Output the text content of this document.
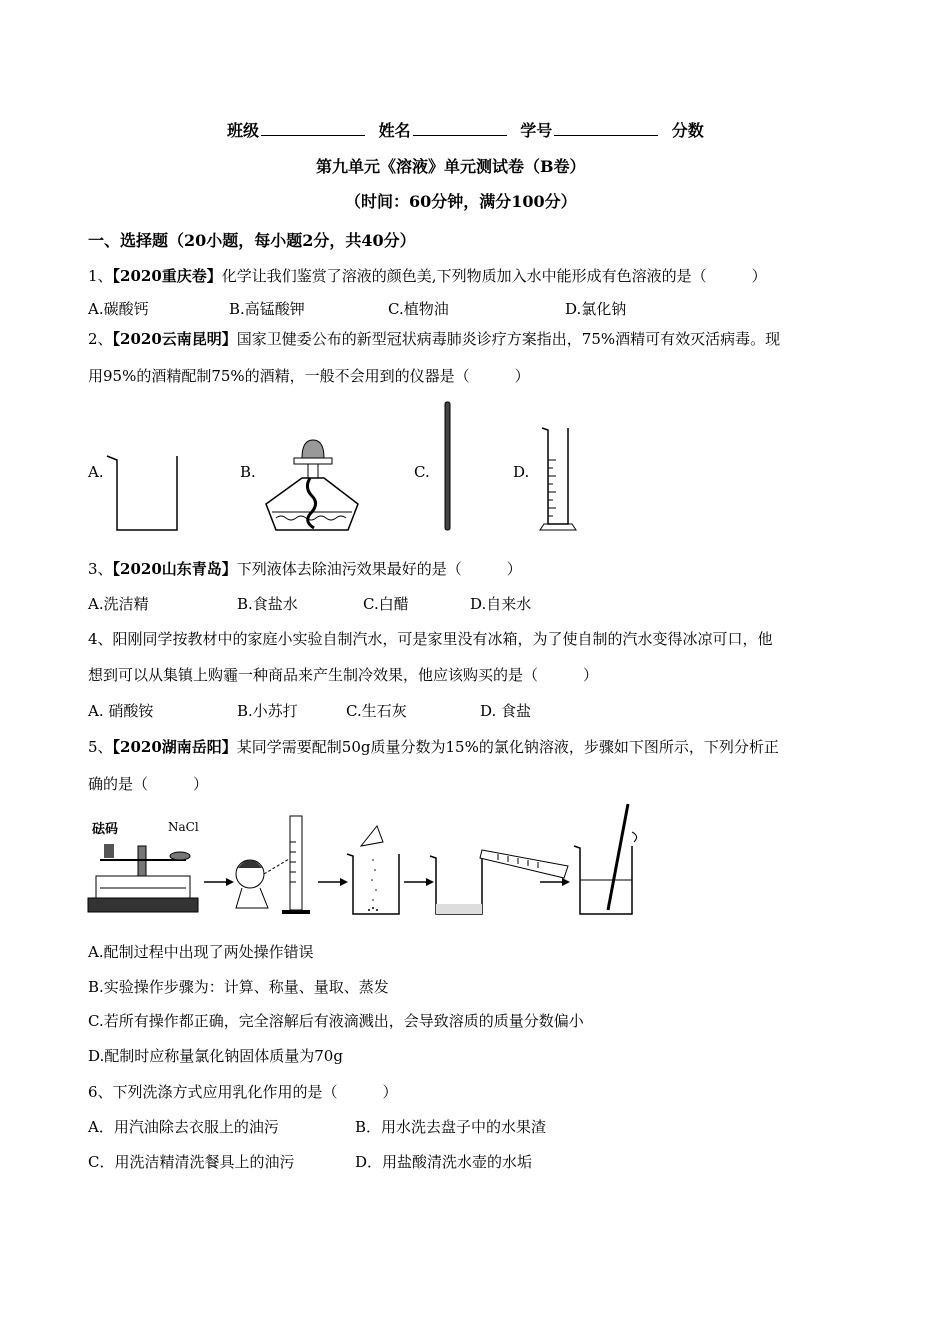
班级	姓名	学号	分数
第九单元《溶液》单元测试卷（B卷）
（时间：60分钟，满分100分）
一、选择题（20小题，每小题2分，共40分）
1、【2020重庆卷】化学让我们鉴赏了溶液的颜色美,下列物质加入水中能形成有色溶液的是（　　　）
A.碳酸钙	B.高锰酸钾	C.植物油	D.氯化钠
2、【2020云南昆明】国家卫健委公布的新型冠状病毒肺炎诊疗方案指出，75%酒精可有效灭活病毒。现
用95%的酒精配制75%的酒精，一般不会用到的仪器是（　　　）
A.	B.	C.	D.
3、【2020山东青岛】下列液体去除油污效果最好的是（　　　）
A.洗洁精	B.食盐水	C.白醋	D.自来水
4、阳刚同学按教材中的家庭小实验自制汽水，可是家里没有冰箱，为了使自制的汽水变得冰凉可口，他
想到可以从集镇上购霾一种商品来产生制冷效果，他应该购买的是（　　　）
A. 硝酸铵	B.小苏打	C.生石灰	D. 食盐
5、【2020湖南岳阳】某同学需要配制50g质量分数为15%的氯化钠溶液，步骤如下图所示，下列分析正
确的是（　　　）
砝码	NaCl
A.配制过程中出现了两处操作错误
B.实验操作步骤为：计算、称量、量取、蒸发
C.若所有操作都正确，完全溶解后有液滴溅出，会导致溶质的质量分数偏小
D.配制时应称量氯化钠固体质量为70g
6、下列洗涤方式应用乳化作用的是（　　　）
A．用汽油除去衣服上的油污	B．用水洗去盘子中的水果渣
C．用洗洁精清洗餐具上的油污	D．用盐酸清洗水壶的水垢
